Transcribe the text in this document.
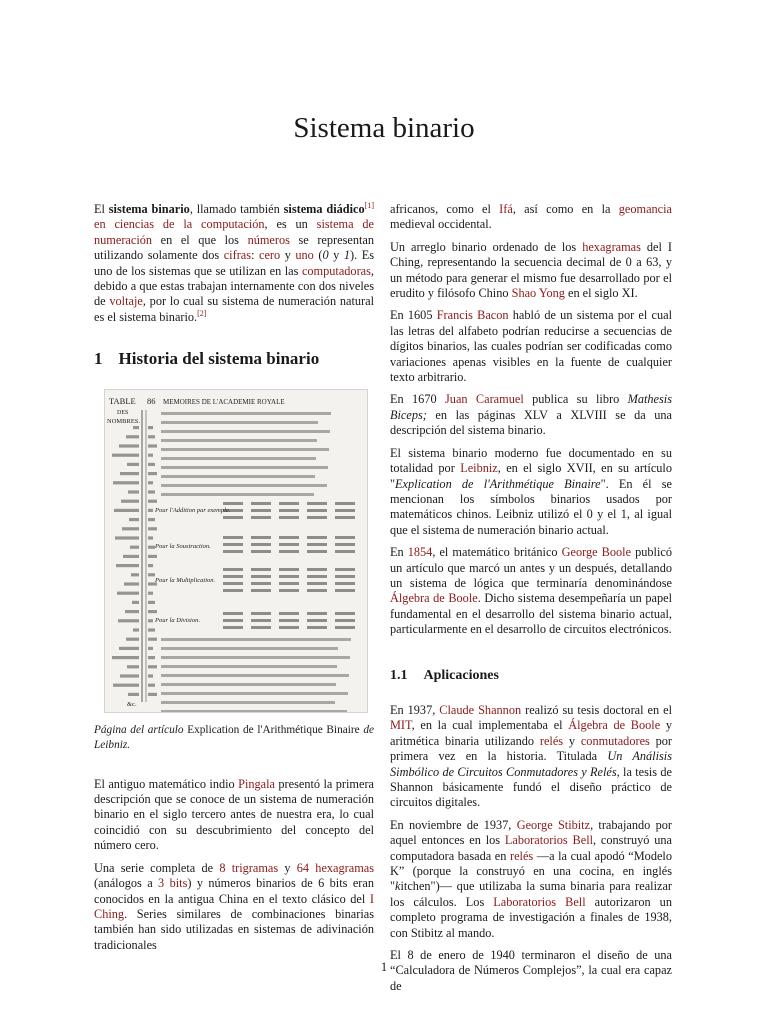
Sistema binario

El sistema binario, llamado también sistema diádico[1] en ciencias de la computación, es un sistema de numeración en el que los números se representan utilizando solamente dos cifras: cero y uno (0 y 1). Es uno de los sistemas que se utilizan en las computadoras, debido a que estas trabajan internamente con dos niveles de voltaje, por lo cual su sistema de numeración natural es el sistema binario.[2]

1 Historia del sistema binario
TABLE 86 MEMOIRES DE L'ACADEMIE ROYALE
DES
NOMBRES.
Pour l'Addition par exemple.
Pour la Soustraction.
Pour la Multiplication.
Pour la Division.
&c.
Página del artículo Explication de l'Arithmétique Binaire de Leibniz.

El antiguo matemático indio Pingala presentó la primera descripción que se conoce de un sistema de numeración binario en el siglo tercero antes de nuestra era, lo cual coincidió con su descubrimiento del concepto del número cero.

Una serie completa de 8 trigramas y 64 hexagramas (análogos a 3 bits) y números binarios de 6 bits eran conocidos en la antigua China en el texto clásico del I Ching. Series similares de combinaciones binarias también han sido utilizadas en sistemas de adivinación tradicionales

africanos, como el Ifá, así como en la geomancia medieval occidental.

Un arreglo binario ordenado de los hexagramas del I Ching, representando la secuencia decimal de 0 a 63, y un método para generar el mismo fue desarrollado por el erudito y filósofo Chino Shao Yong en el siglo XI.

En 1605 Francis Bacon habló de un sistema por el cual las letras del alfabeto podrían reducirse a secuencias de dígitos binarios, las cuales podrían ser codificadas como variaciones apenas visibles en la fuente de cualquier texto arbitrario.

En 1670 Juan Caramuel publica su libro Mathesis Biceps; en las páginas XLV a XLVIII se da una descripción del sistema binario.

El sistema binario moderno fue documentado en su totalidad por Leibniz, en el siglo XVII, en su artículo "Explication de l'Arithmétique Binaire". En él se mencionan los símbolos binarios usados por matemáticos chinos. Leibniz utilizó el 0 y el 1, al igual que el sistema de numeración binario actual.

En 1854, el matemático británico George Boole publicó un artículo que marcó un antes y un después, detallando un sistema de lógica que terminaría denominándose Álgebra de Boole. Dicho sistema desempeñaría un papel fundamental en el desarrollo del sistema binario actual, particularmente en el desarrollo de circuitos electrónicos.

1.1 Aplicaciones

En 1937, Claude Shannon realizó su tesis doctoral en el MIT, en la cual implementaba el Álgebra de Boole y aritmética binaria utilizando relés y conmutadores por primera vez en la historia. Titulada Un Análisis Simbólico de Circuitos Conmutadores y Relés, la tesis de Shannon básicamente fundó el diseño práctico de circuitos digitales.

En noviembre de 1937, George Stibitz, trabajando por aquel entonces en los Laboratorios Bell, construyó una computadora basada en relés —a la cual apodó “Modelo K” (porque la construyó en una cocina, en inglés "kitchen")— que utilizaba la suma binaria para realizar los cálculos. Los Laboratorios Bell autorizaron un completo programa de investigación a finales de 1938, con Stibitz al mando.

El 8 de enero de 1940 terminaron el diseño de una “Calculadora de Números Complejos”, la cual era capaz de

1
